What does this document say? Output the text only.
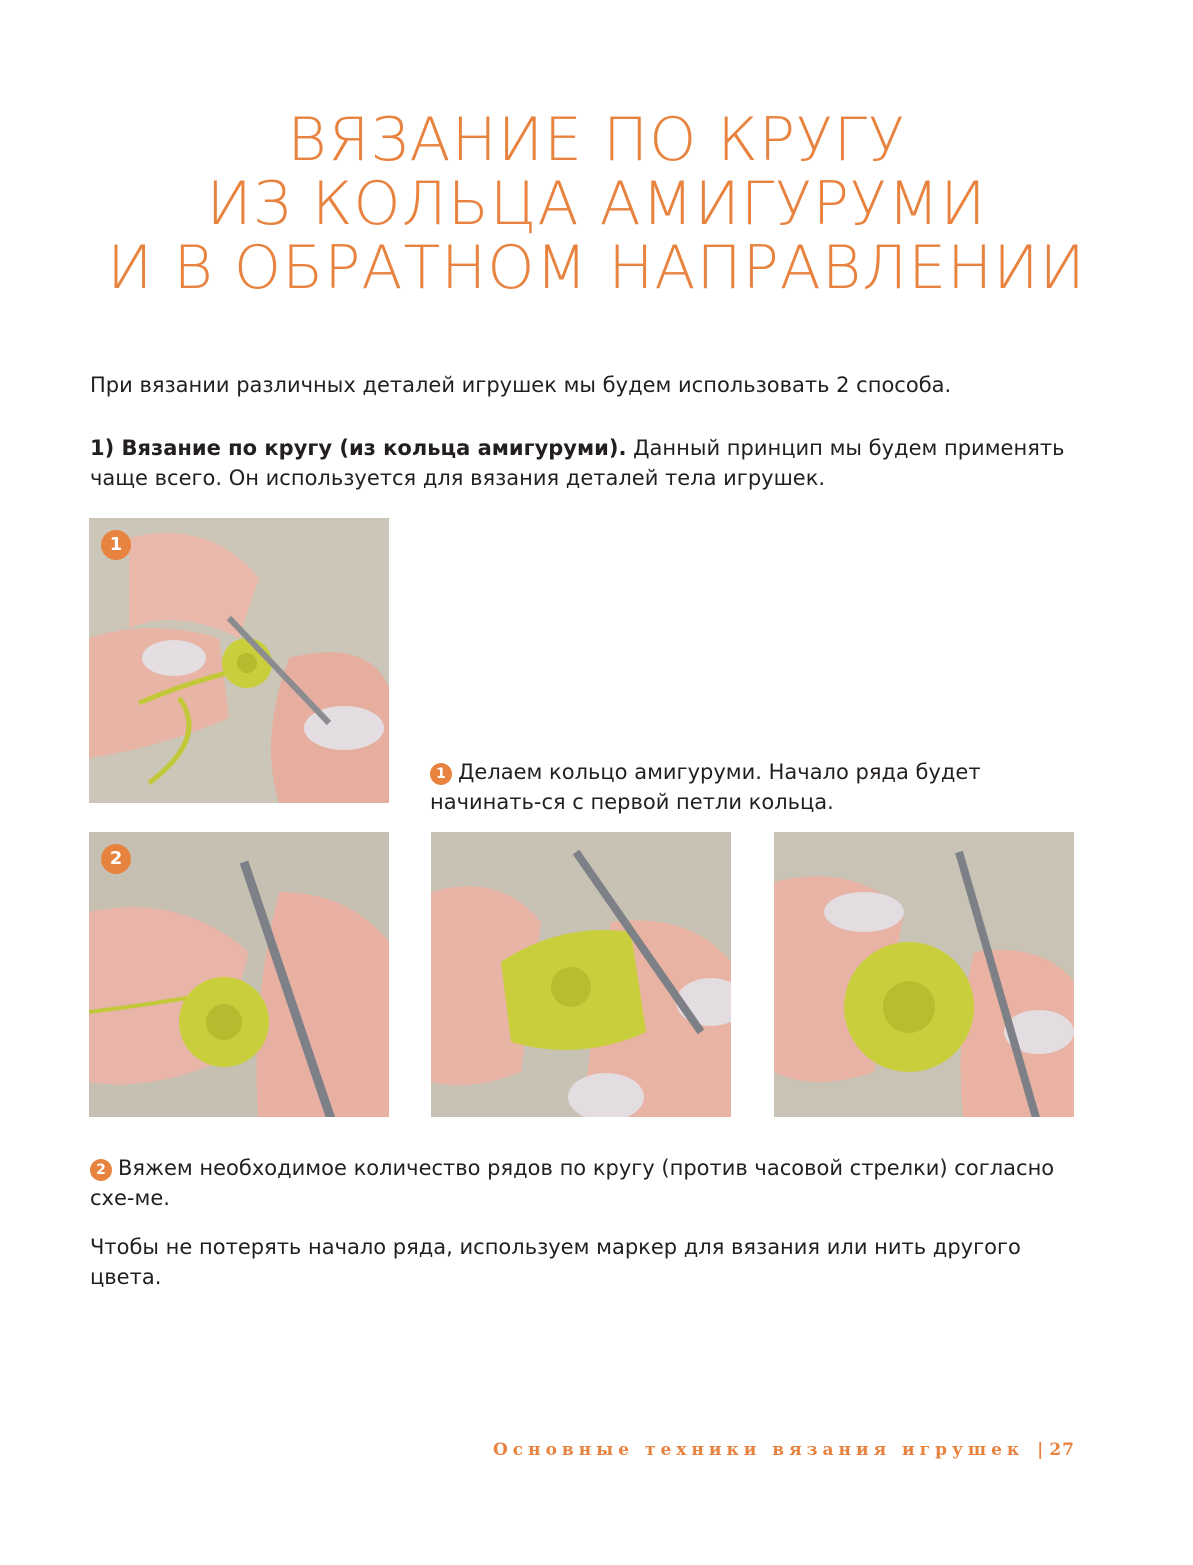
ВЯЗАНИЕ ПО КРУГУ
ИЗ КОЛЬЦА АМИГУРУМИ
И В ОБРАТНОМ НАПРАВЛЕНИИ
При вязании различных деталей игрушек мы будем использовать 2 способа.
1) Вязание по кругу (из кольца амигуруми). Данный принцип мы будем применять чаще всего. Он используется для вязания деталей тела игрушек.
1
1 Делаем кольцо амигуруми. Начало ряда будет начинать-ся с первой петли кольца.
2
2 Вяжем необходимое количество рядов по кругу (против часовой стрелки) согласно схе-ме.
Чтобы не потерять начало ряда, используем маркер для вязания или нить другого цвета.
Основные техники вязания игрушек | 27
